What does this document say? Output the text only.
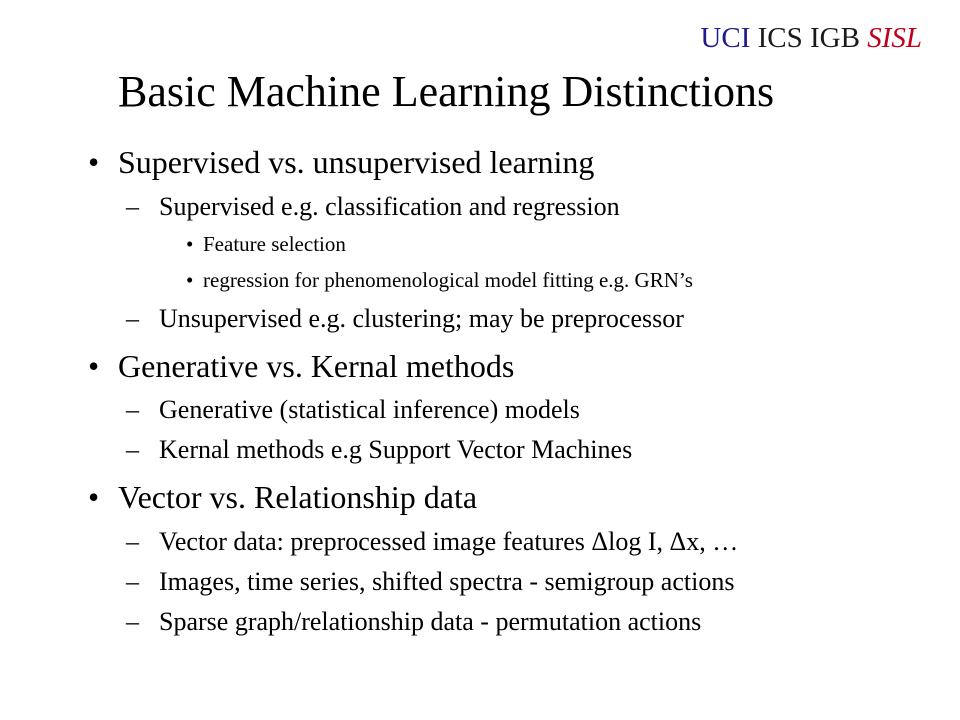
UCI ICS IGB SISL
Basic Machine Learning Distinctions
• Supervised vs. unsupervised learning
– Supervised e.g. classification and regression
• Feature selection
• regression for phenomenological model fitting e.g. GRN’s
– Unsupervised e.g. clustering; may be preprocessor
• Generative vs. Kernal methods
– Generative (statistical inference) models
– Kernal methods e.g Support Vector Machines
• Vector vs. Relationship data
– Vector data: preprocessed image features Δlog I, Δx, …
– Images, time series, shifted spectra - semigroup actions
– Sparse graph/relationship data - permutation actions
